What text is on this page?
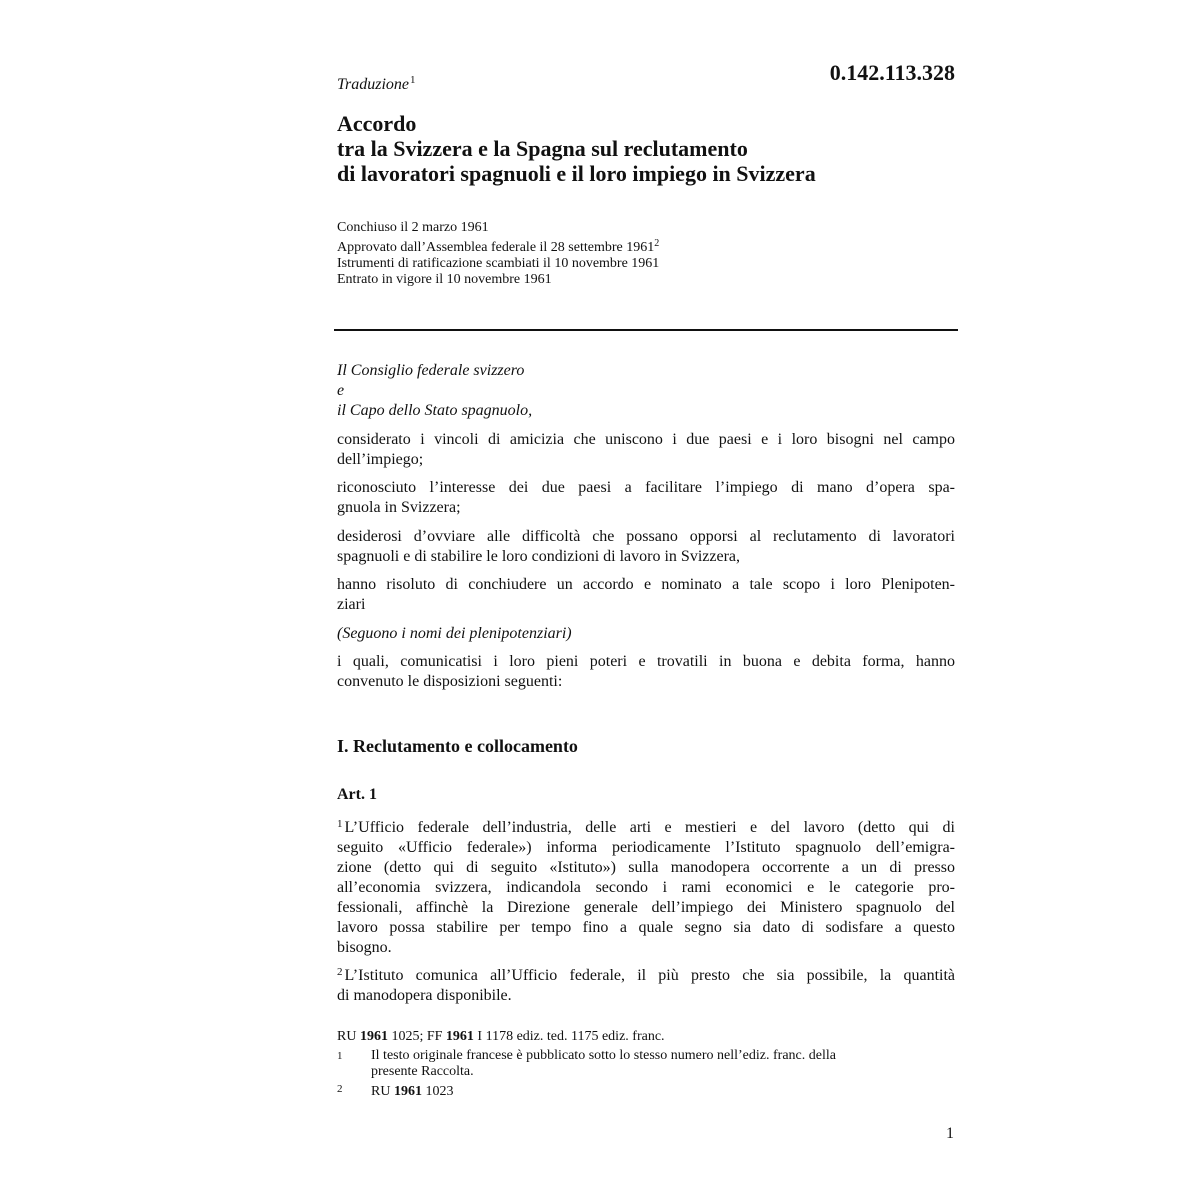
Traduzione$^1$	0.142.113.328
Accordo
tra la Svizzera e la Spagna sul reclutamento
di lavoratori spagnuoli e il loro impiego in Svizzera
Conchiuso il 2 marzo 1961
Approvato dall’Assemblea federale il 28 settembre 1961$^2$
Istrumenti di ratificazione scambiati il 10 novembre 1961
Entrato in vigore il 10 novembre 1961
Il Consiglio federale svizzero
e
il Capo dello Stato spagnuolo,
considerato i vincoli di amicizia che uniscono i due paesi e i loro bisogni nel campo
dell’impiego;
riconosciuto l’interesse dei due paesi a facilitare l’impiego di mano d’opera spa-
gnuola in Svizzera;
desiderosi d’ovviare alle difficoltà che possano opporsi al reclutamento di lavoratori
spagnuoli e di stabilire le loro condizioni di lavoro in Svizzera,
hanno risoluto di conchiudere un accordo e nominato a tale scopo i loro Plenipoten-
ziari
(Seguono i nomi dei plenipotenziari)
i quali, comunicatisi i loro pieni poteri e trovatili in buona e debita forma, hanno
convenuto le disposizioni seguenti:
I. Reclutamento e collocamento
Art. 1
$^1$ L’Ufficio federale dell’industria, delle arti e mestieri e del lavoro (detto qui di
seguito «Ufficio federale») informa periodicamente l’Istituto spagnuolo dell’emigra-
zione (detto qui di seguito «Istituto») sulla manodopera occorrente a un di presso
all’economia svizzera, indicandola secondo i rami economici e le categorie pro-
fessionali, affinchè la Direzione generale dell’impiego dei Ministero spagnuolo del
lavoro possa stabilire per tempo fino a quale segno sia dato di sodisfare a questo
bisogno.
$^2$ L’Istituto comunica all’Ufficio federale, il più presto che sia possibile, la quantità
di manodopera disponibile.
RU 1961 1025; FF 1961 I 1178 ediz. ted. 1175 ediz. franc.
1 Il testo originale francese è pubblicato sotto lo stesso numero nell’ediz. franc. della
presente Raccolta.
2 RU 1961 1023
1
